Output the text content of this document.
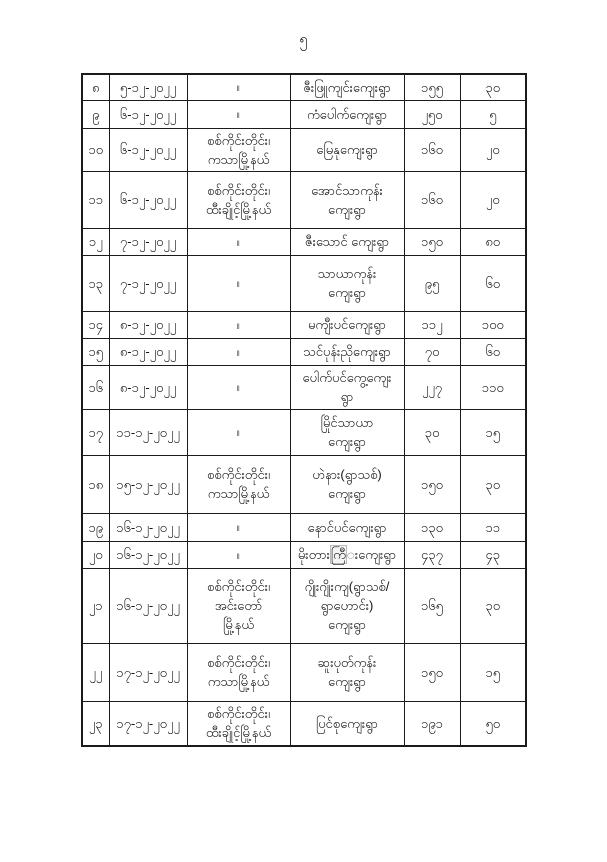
၅
၈	၅-၁၂-၂၀၂၂	။	ဇီးဖြူကျင်းကျေးရွာ	၁၅၅	၃၀
၉	၆-၁၂-၂၀၂၂	။	ကံပေါက်ကျေးရွာ	၂၅၀	၅
၁၀	၆-၁၂-၂၀၂၂	စစ်ကိုင်းတိုင်း၊
ကသာမြို့နယ်	မြေနုကျေးရွာ	၁၆၀	၂၀
၁၁	၆-၁၂-၂၀၂၂	စစ်ကိုင်းတိုင်း၊
ထီးချိုင့်မြို့နယ်	အောင်သာကုန်း
ကျေးရွာ	၁၆၀	၂၀
၁၂	၇-၁၂-၂၀၂၂	။	ဇီးသောင် ကျေးရွာ	၁၅၀	၈၀
၁၃	၇-၁၂-၂၀၂၂	။	သာယာကုန်း
ကျေးရွာ	၉၅	၆၀
၁၄	၈-၁၂-၂၀၂၂	။	မကျီးပင်ကျေးရွာ	၁၁၂	၁၀၀
၁၅	၈-၁၂-၂၀၂၂	။	သင်ပုန်းညိုကျေးရွာ	၇၀	၆၀
၁၆	၈-၁၂-၂၀၂၂	။	ပေါက်ပင်ကွေ့ကျေး
ရွာ	၂၂၇	၁၁၀
၁၇	၁၁-၁၂-၂၀၂၂	။	မြိုင်သာယာ
ကျေးရွာ	၃၀	၁၅
၁၈	၁၅-၁၂-၂၀၂၂	စစ်ကိုင်းတိုင်း၊
ကသာမြို့နယ်	ဟဲနား(ရွာသစ်)
ကျေးရွာ	၁၅၀	၃၀
၁၉	၁၆-၁၂-၂၀၂၂	။	နောင်ပင်ကျေးရွာ	၁၃၀	၁၁
၂၀	၁၆-၁၂-၂၀၂၂	။	မိုးတားကြီးကျေးရွာ	၄၃၇	၄၃
၂၁	၁၆-၁၂-၂၀၂၂	စစ်ကိုင်းတိုင်း၊
အင်းတော်
မြို့နယ်	ဂျိုးဂျိုးကျ(ရွာသစ်/
ရွာဟောင်း)
ကျေးရွာ	၁၆၅	၃၀
၂၂	၁၇-၁၂-၂၀၂၂	စစ်ကိုင်းတိုင်း၊
ကသာမြို့နယ်	ဆူးပုတ်ကုန်း
ကျေးရွာ	၁၅၀	၁၅
၂၃	၁၇-၁၂-၂၀၂၂	စစ်ကိုင်းတိုင်း၊
ထီးချိုင့်မြို့နယ်	ပြင်စုကျေးရွာ	၁၉၁	၅၀
